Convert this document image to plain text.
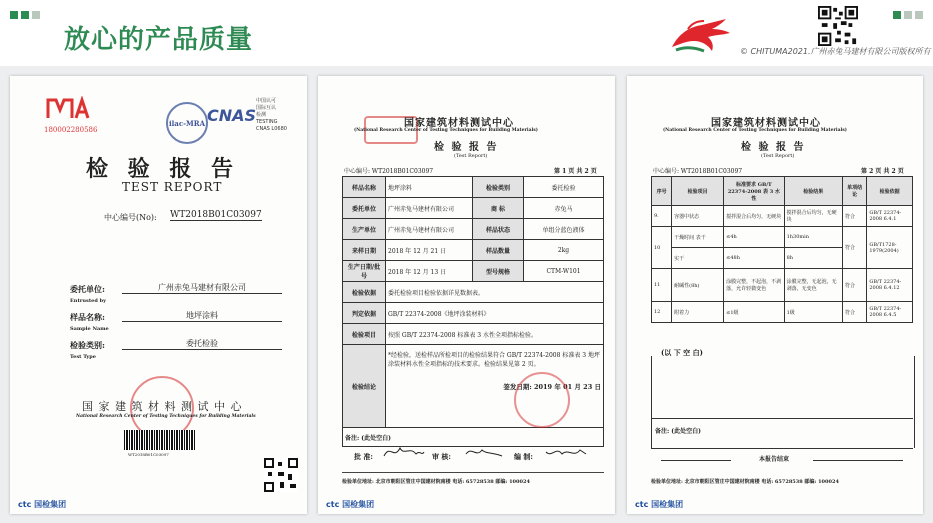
放心的产品质量	© CHITUMA2021.广州赤兔马建材有限公司版权所有
180002280586
ilac-MRA CNAS
中国认可
国际互认
检测
TESTING
CNAS L0680
检 验 报 告
TEST REPORT
中心编号(No): WT2018B01C03097
委托单位:
Entrusted by
广州赤兔马建材有限公司
样品名称:
Sample Name
地坪涂料
检验类别:
Test Type
委托检验
国 家 建 筑 材 料 测 试 中 心
National Research Center of Testing Techniques for Building Materials
WT2018B01C03097
ctc 国检集团
国家建筑材料测试中心
(National Research Center of Testing Techniques for Building Materials)
检 验 报 告
(Test Report)
中心编号: WT2018B01C03097	第 1 页 共 2 页
样品名称	地坪涂料	检验类别	委托检验
委托单位	广州赤兔马建材有限公司	商 标	赤兔马
生产单位	广州赤兔马建材有限公司	样品状态	单组分蓝色液体
来样日期	2018 年 12 月 21 日	样品数量	2kg
生产日期/批号	2018 年 12 月 13 日	型号规格	CTM-W101
检验依据	委托检验项目检验依据详见数据表。		
判定依据	GB/T 22374-2008《地坪涂装材料》		
检验项目	按照 GB/T 22374-2008 标准表 3 水性全项指标检验。		
检验结论	*经检验，送检样品所检项目的检验结果符合 GB/T 22374-2008 标准表 3 地坪涂装材料水性全项指标的技术要求。检验结果见第 2 页。
签发日期: 2019 年 01 月 23 日		

备注: (此处空白)			
批 准:	审 核:	编 制:
检验单位地址: 北京市朝阳区管庄中国建材院南楼 电话: 65728538 邮编: 100024
ctc 国检集团
国家建筑材料测试中心
(National Research Center of Testing Techniques for Building Materials)
检 验 报 告
(Test Report)
中心编号: WT2018B01C03097	第 2 页 共 2 页
序号	检验项目	标准要求 GB/T 22374-2008 表 3 水性	检验结果	单项结论	检验依据
9.	容器中状态	搅拌混合后均匀，无硬块	搅拌混合后均匀，无硬块	符合	GB/T 22374-2008 6.4.1
10	干燥时间 表干	≤4h	1h30min	符合	GB/T1728-1979(2004)
	实干	≤48h	8h		
11	耐碱性(8h)	涂膜完整，不起泡，不剥落，允许轻微变色	涂膜完整，无起泡，无剥落，无变色	符合	GB/T 22374-2008 6.4.12
12	附着力	≤1级	1级	符合	GB/T 22374-2008 6.4.5
(以 下 空 白)
备注: (此处空白)
本报告结束
检验单位地址: 北京市朝阳区管庄中国建材院南楼 电话: 65728538 邮编: 100024
ctc 国检集团
